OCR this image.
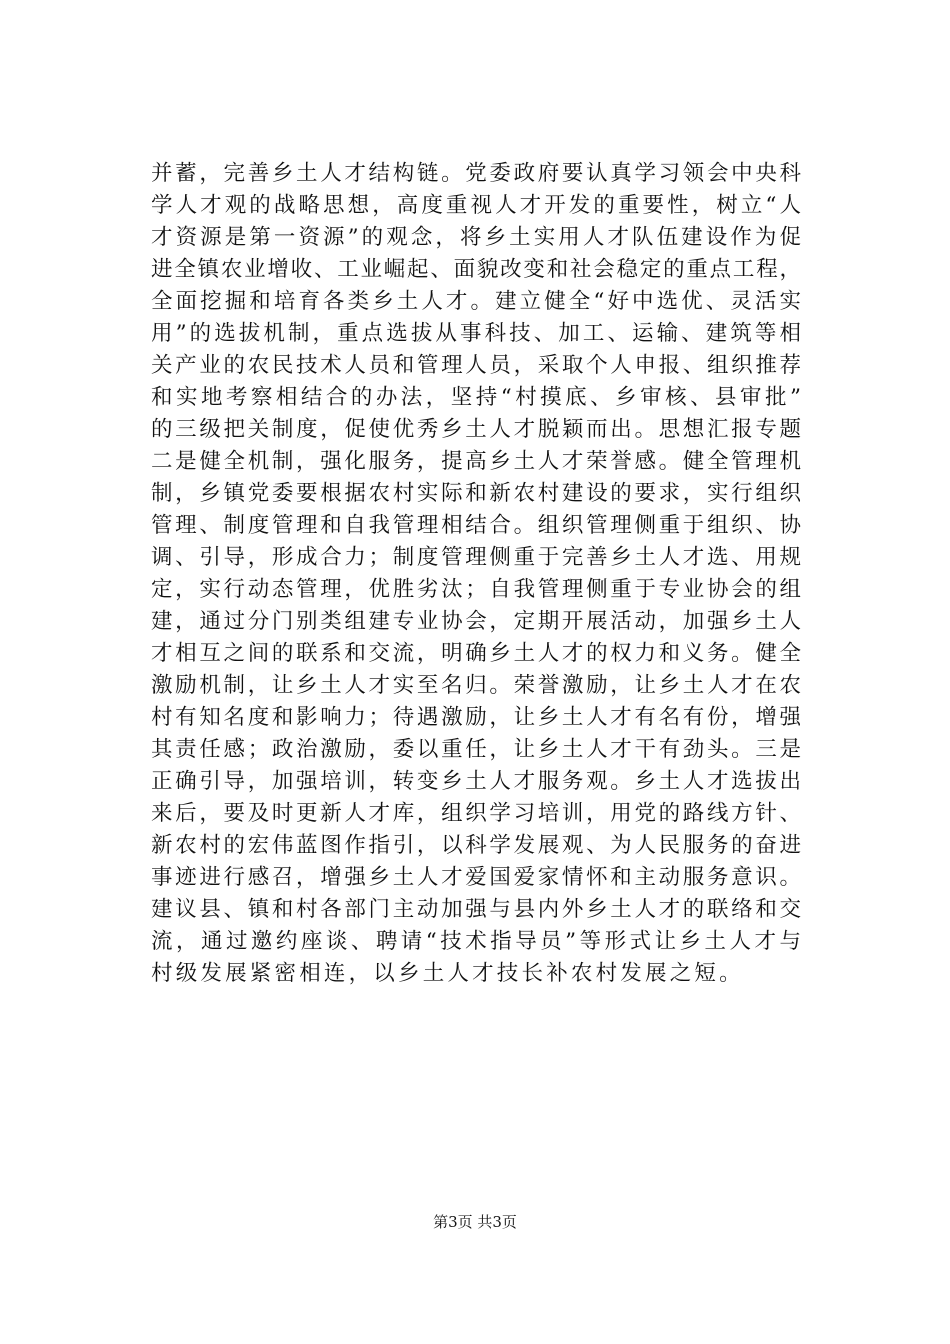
并蓄，完善乡土人才结构链。党委政府要认真学习领会中央科
学人才观的战略思想，高度重视人才开发的重要性，树立“人
才资源是第一资源”的观念，将乡土实用人才队伍建设作为促
进全镇农业增收、工业崛起、面貌改变和社会稳定的重点工程，
全面挖掘和培育各类乡土人才。建立健全“好中选优、灵活实
用”的选拔机制，重点选拔从事科技、加工、运输、建筑等相
关产业的农民技术人员和管理人员，采取个人申报、组织推荐
和实地考察相结合的办法，坚持“村摸底、乡审核、县审批”
的三级把关制度，促使优秀乡土人才脱颖而出。思想汇报专题
二是健全机制，强化服务，提高乡土人才荣誉感。健全管理机
制，乡镇党委要根据农村实际和新农村建设的要求，实行组织
管理、制度管理和自我管理相结合。组织管理侧重于组织、协
调、引导，形成合力；制度管理侧重于完善乡土人才选、用规
定，实行动态管理，优胜劣汰；自我管理侧重于专业协会的组
建，通过分门别类组建专业协会，定期开展活动，加强乡土人
才相互之间的联系和交流，明确乡土人才的权力和义务。健全
激励机制，让乡土人才实至名归。荣誉激励，让乡土人才在农
村有知名度和影响力；待遇激励，让乡土人才有名有份，增强
其责任感；政治激励，委以重任，让乡土人才干有劲头。三是
正确引导，加强培训，转变乡土人才服务观。乡土人才选拔出
来后，要及时更新人才库，组织学习培训，用党的路线方针、
新农村的宏伟蓝图作指引，以科学发展观、为人民服务的奋进
事迹进行感召，增强乡土人才爱国爱家情怀和主动服务意识。
建议县、镇和村各部门主动加强与县内外乡土人才的联络和交
流，通过邀约座谈、聘请“技术指导员”等形式让乡土人才与
村级发展紧密相连，以乡土人才技长补农村发展之短。
第3页 共3页
